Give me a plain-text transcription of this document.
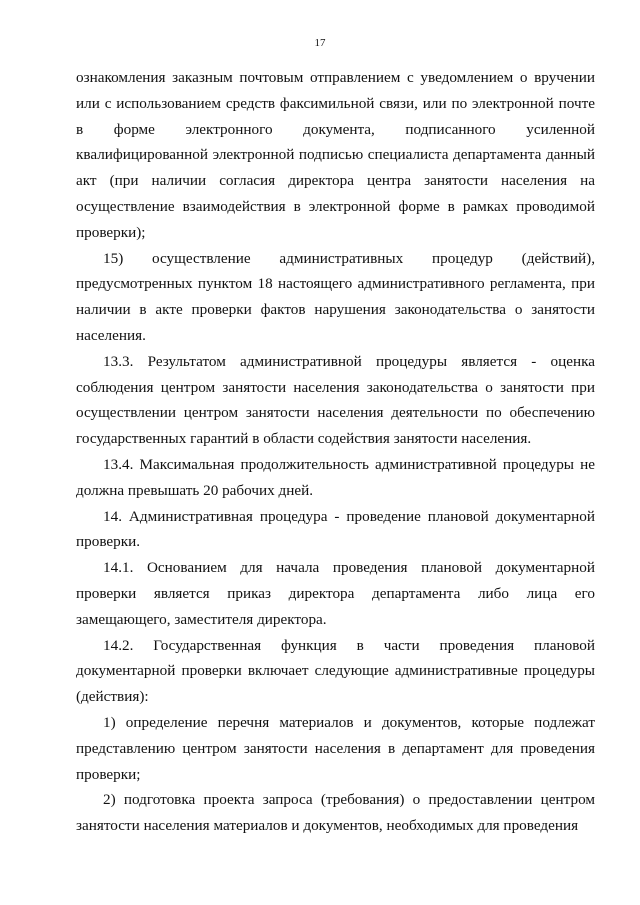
17

ознакомления заказным почтовым отправлением с уведомлением о вручении или с использованием средств факсимильной связи, или по электронной почте в форме электронного документа, подписанного усиленной квалифицированной электронной подписью специалиста департамента данный акт (при наличии согласия директора центра занятости населения на осуществление взаимодействия в электронной форме в рамках проводимой проверки);

15) осуществление административных процедур (действий), предусмотренных пунктом 18 настоящего административного регламента, при наличии в акте проверки фактов нарушения законодательства о занятости населения.

13.3. Результатом административной процедуры является - оценка соблюдения центром занятости населения законодательства о занятости при осуществлении центром занятости населения деятельности по обеспечению государственных гарантий в области содействия занятости населения.

13.4. Максимальная продолжительность административной процедуры не должна превышать 20 рабочих дней.

14. Административная процедура - проведение плановой документарной проверки.

14.1. Основанием для начала проведения плановой документарной проверки является приказ директора департамента либо лица его замещающего, заместителя директора.

14.2. Государственная функция в части проведения плановой документарной проверки включает следующие административные процедуры (действия):

1) определение перечня материалов и документов, которые подлежат представлению центром занятости населения в департамент для проведения проверки;

2) подготовка проекта запроса (требования) о предоставлении центром занятости населения материалов и документов, необходимых для проведения
